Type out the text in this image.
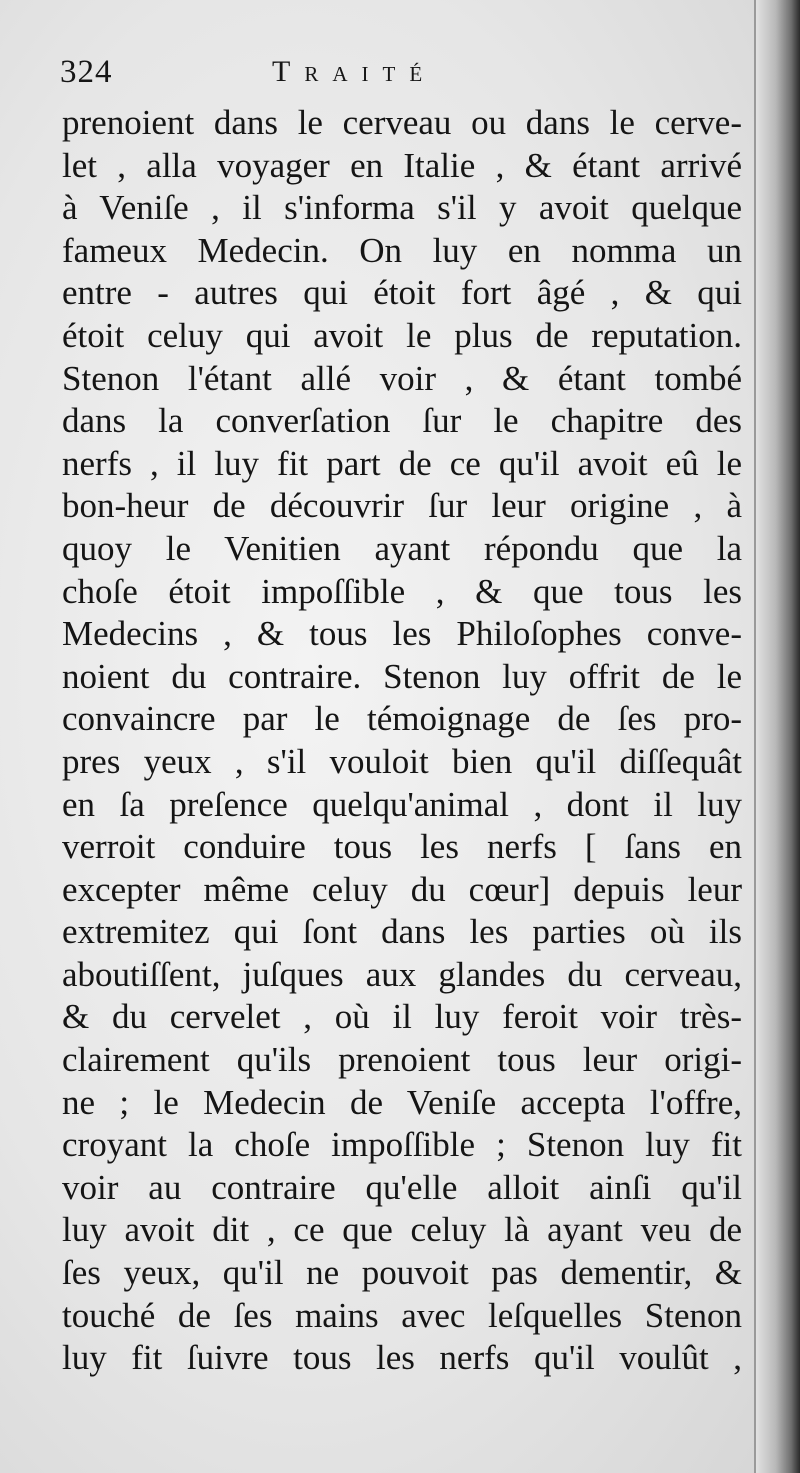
324	Traité
prenoient dans le cerveau ou dans le cerve-
let , alla voyager en Italie , & étant arrivé
à Veniſe , il s'informa s'il y avoit quelque
fameux Medecin. On luy en nomma un
entre - autres qui étoit fort âgé , & qui
étoit celuy qui avoit le plus de reputation.
Stenon l'étant allé voir , & étant tombé
dans la converſation ſur le chapitre des
nerfs , il luy fit part de ce qu'il avoit eû le
bon-heur de découvrir ſur leur origine , à
quoy le Venitien ayant répondu que la
choſe étoit impoſſible , & que tous les
Medecins , & tous les Philoſophes conve-
noient du contraire. Stenon luy offrit de le
convaincre par le témoignage de ſes pro-
pres yeux , s'il vouloit bien qu'il diſſequât
en ſa preſence quelqu'animal , dont il luy
verroit conduire tous les nerfs [ ſans en
excepter même celuy du cœur] depuis leur
extremitez qui ſont dans les parties où ils
aboutiſſent, juſques aux glandes du cerveau,
& du cervelet , où il luy feroit voir très-
clairement qu'ils prenoient tous leur origi-
ne ; le Medecin de Veniſe accepta l'offre,
croyant la choſe impoſſible ; Stenon luy fit
voir au contraire qu'elle alloit ainſi qu'il
luy avoit dit , ce que celuy là ayant veu de
ſes yeux, qu'il ne pouvoit pas dementir, &
touché de ſes mains avec leſquelles Stenon
luy fit ſuivre tous les nerfs qu'il voulût ,
